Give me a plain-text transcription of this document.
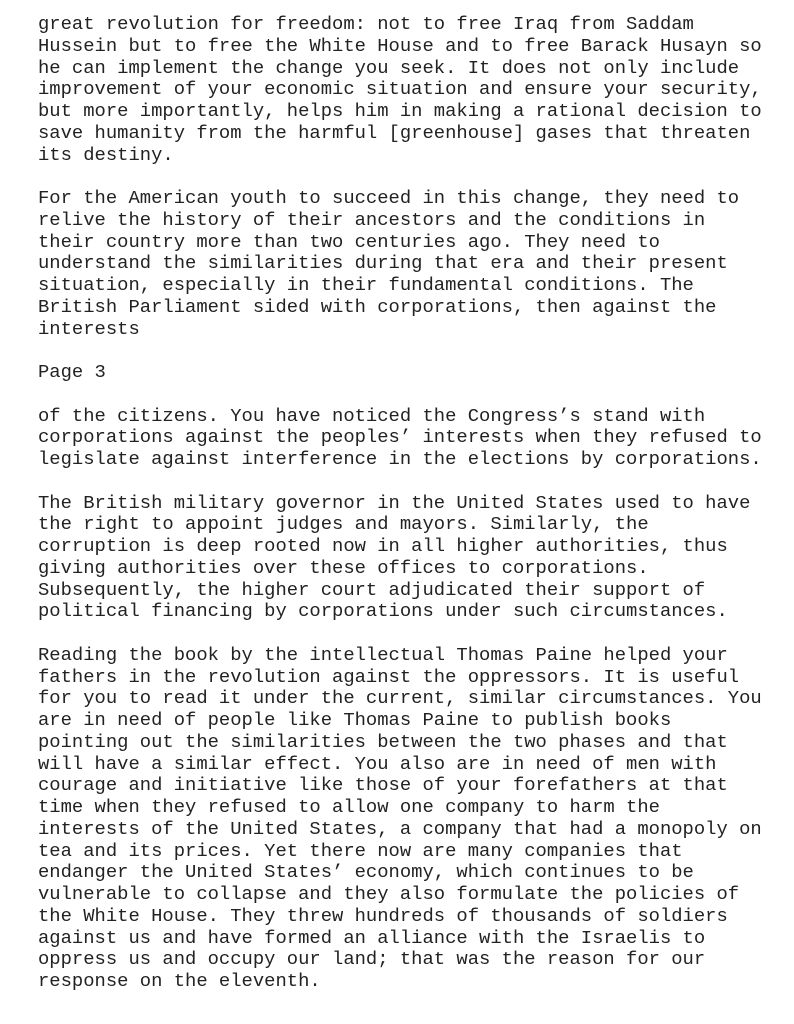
great revolution for freedom: not to free Iraq from Saddam
Hussein but to free the White House and to free Barack Husayn so
he can implement the change you seek. It does not only include
improvement of your economic situation and ensure your security,
but more importantly, helps him in making a rational decision to
save humanity from the harmful [greenhouse] gases that threaten
its destiny.
For the American youth to succeed in this change, they need to
relive the history of their ancestors and the conditions in
their country more than two centuries ago. They need to
understand the similarities during that era and their present
situation, especially in their fundamental conditions. The
British Parliament sided with corporations, then against the
interests
Page 3
of the citizens. You have noticed the Congress’s stand with
corporations against the peoples’ interests when they refused to
legislate against interference in the elections by corporations.
The British military governor in the United States used to have
the right to appoint judges and mayors. Similarly, the
corruption is deep rooted now in all higher authorities, thus
giving authorities over these offices to corporations.
Subsequently, the higher court adjudicated their support of
political financing by corporations under such circumstances.
Reading the book by the intellectual Thomas Paine helped your
fathers in the revolution against the oppressors. It is useful
for you to read it under the current, similar circumstances. You
are in need of people like Thomas Paine to publish books
pointing out the similarities between the two phases and that
will have a similar effect. You also are in need of men with
courage and initiative like those of your forefathers at that
time when they refused to allow one company to harm the
interests of the United States, a company that had a monopoly on
tea and its prices. Yet there now are many companies that
endanger the United States’ economy, which continues to be
vulnerable to collapse and they also formulate the policies of
the White House. They threw hundreds of thousands of soldiers
against us and have formed an alliance with the Israelis to
oppress us and occupy our land; that was the reason for our
response on the eleventh.
